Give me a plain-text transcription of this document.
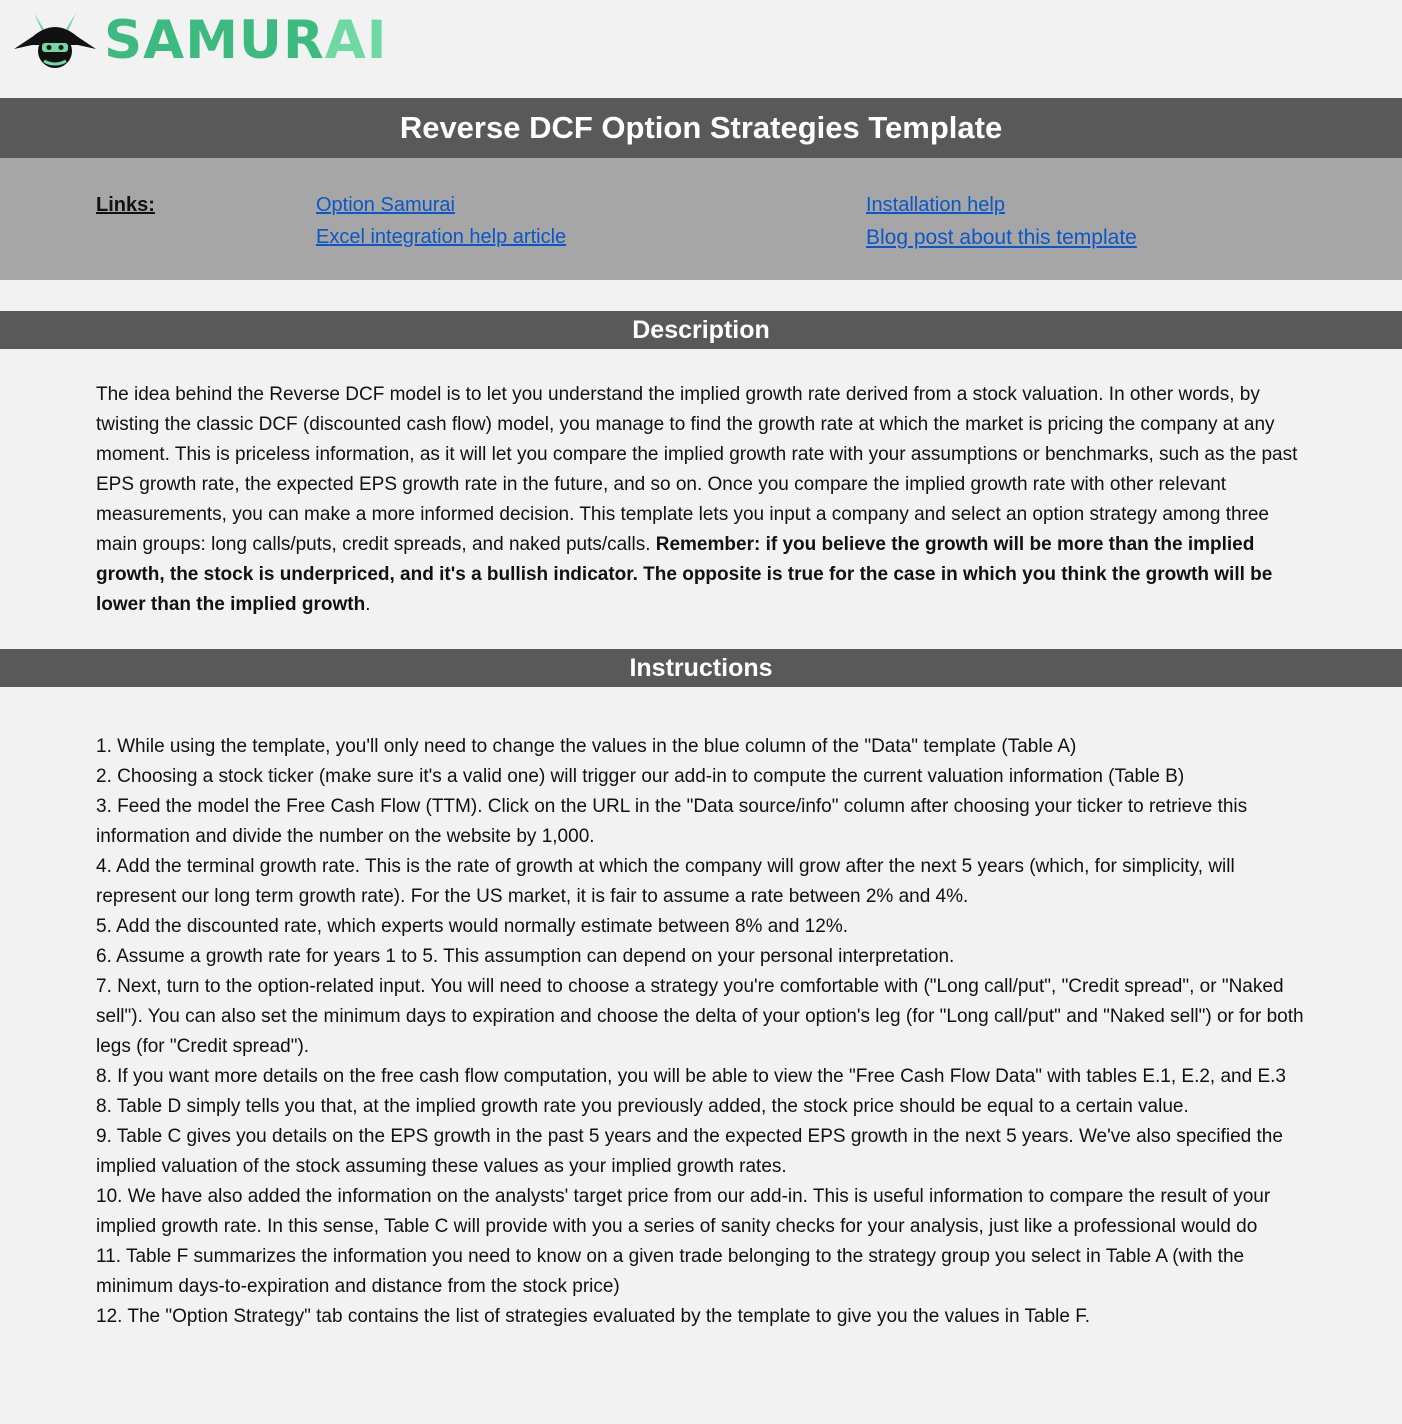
SAMURAI
Reverse DCF Option Strategies Template
Links:	Option Samurai
Excel integration help article
Installation help
Blog post about this template
Description
The idea behind the Reverse DCF model is to let you understand the implied growth rate derived from a stock valuation. In other words, by twisting the classic DCF (discounted cash flow) model, you manage to find the growth rate at which the market is pricing the company at any moment. This is priceless information, as it will let you compare the implied growth rate with your assumptions or benchmarks, such as the past EPS growth rate, the expected EPS growth rate in the future, and so on. Once you compare the implied growth rate with other relevant measurements, you can make a more informed decision. This template lets you input a company and select an option strategy among three main groups: long calls/puts, credit spreads, and naked puts/calls. Remember: if you believe the growth will be more than the implied growth, the stock is underpriced, and it's a bullish indicator. The opposite is true for the case in which you think the growth will be lower than the implied growth.
Instructions
1. While using the template, you'll only need to change the values in the blue column of the "Data" template (Table A)
2. Choosing a stock ticker (make sure it's a valid one) will trigger our add-in to compute the current valuation information (Table B)
3. Feed the model the Free Cash Flow (TTM). Click on the URL in the "Data source/info" column after choosing your ticker to retrieve this information and divide the number on the website by 1,000.
4. Add the terminal growth rate. This is the rate of growth at which the company will grow after the next 5 years (which, for simplicity, will represent our long term growth rate). For the US market, it is fair to assume a rate between 2% and 4%.
5. Add the discounted rate, which experts would normally estimate between 8% and 12%.
6. Assume a growth rate for years 1 to 5. This assumption can depend on your personal interpretation.
7. Next, turn to the option-related input. You will need to choose a strategy you're comfortable with ("Long call/put", "Credit spread", or "Naked sell"). You can also set the minimum days to expiration and choose the delta of your option's leg (for "Long call/put" and "Naked sell") or for both legs (for "Credit spread").
8. If you want more details on the free cash flow computation, you will be able to view the "Free Cash Flow Data" with tables E.1, E.2, and E.3
8. Table D simply tells you that, at the implied growth rate you previously added, the stock price should be equal to a certain value.
9. Table C gives you details on the EPS growth in the past 5 years and the expected EPS growth in the next 5 years. We've also specified the implied valuation of the stock assuming these values as your implied growth rates.
10. We have also added the information on the analysts' target price from our add-in. This is useful information to compare the result of your implied growth rate. In this sense, Table C will provide with you a series of sanity checks for your analysis, just like a professional would do
11. Table F summarizes the information you need to know on a given trade belonging to the strategy group you select in Table A (with the minimum days-to-expiration and distance from the stock price)
12. The "Option Strategy" tab contains the list of strategies evaluated by the template to give you the values in Table F.
